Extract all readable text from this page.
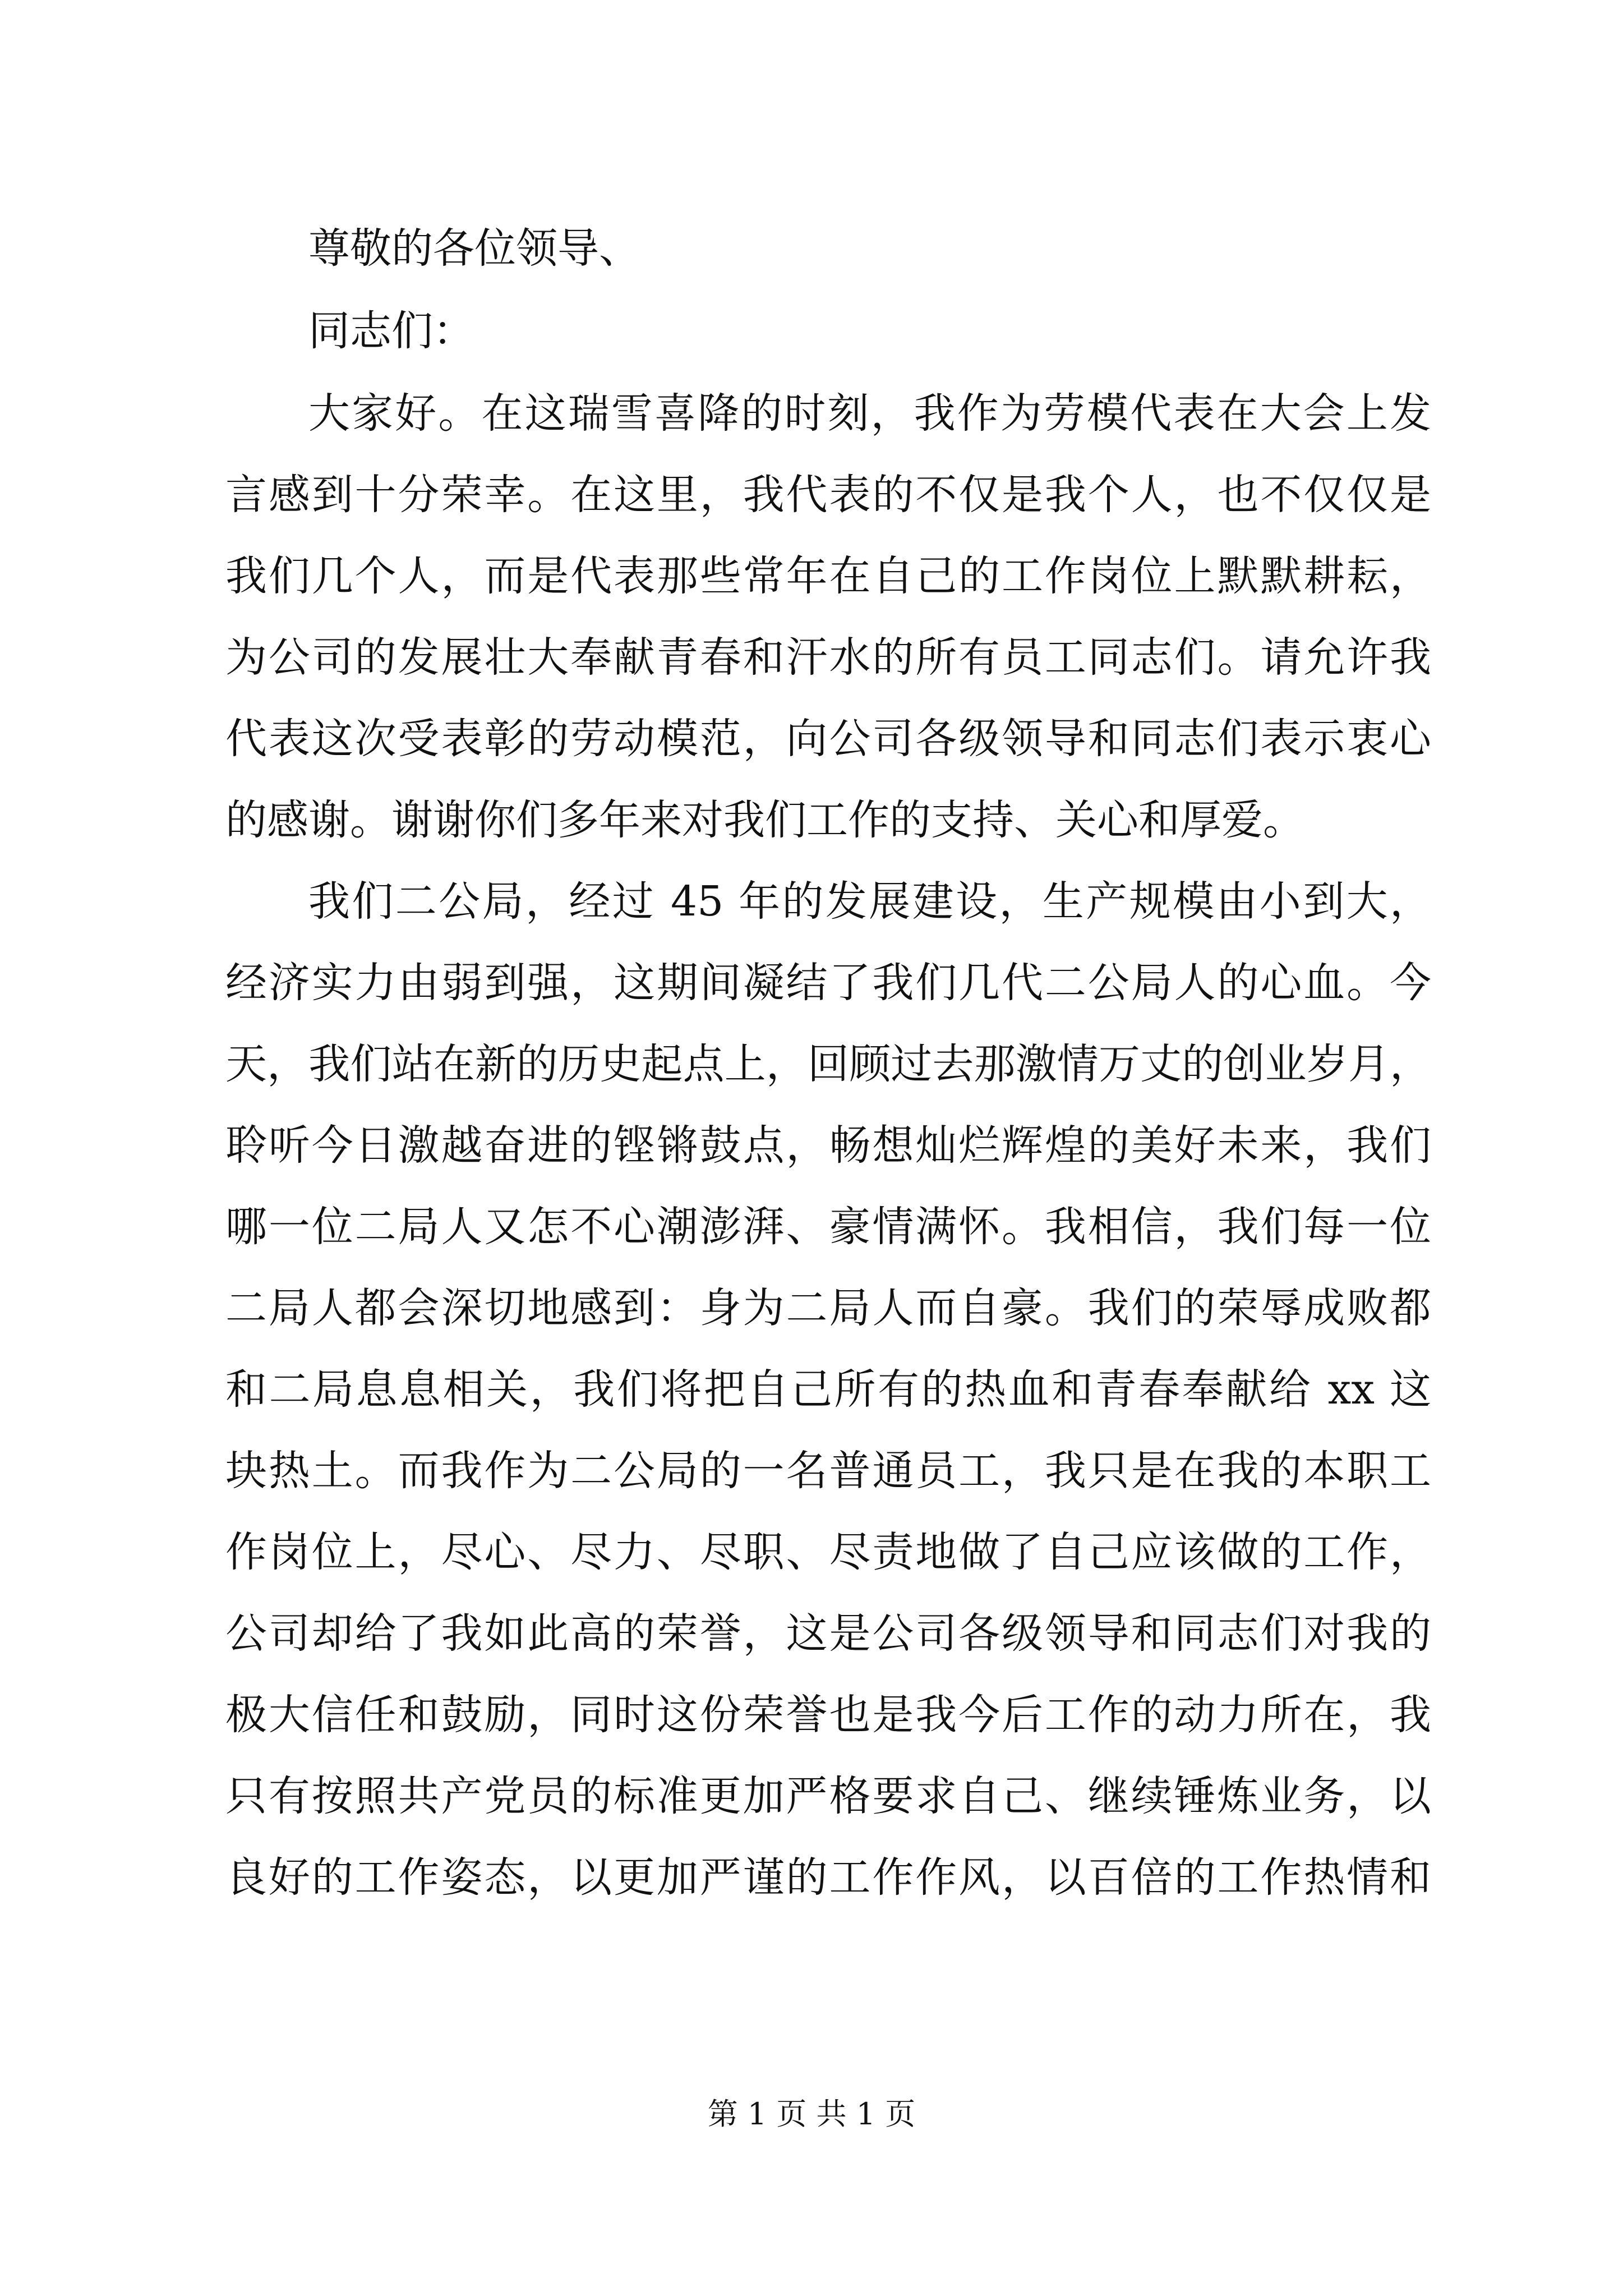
尊敬的各位领导、
同志们：
大家好。在这瑞雪喜降的时刻，我作为劳模代表在大会上发
言感到十分荣幸。在这里，我代表的不仅是我个人，也不仅仅是
我们几个人，而是代表那些常年在自己的工作岗位上默默耕耘，
为公司的发展壮大奉献青春和汗水的所有员工同志们。请允许我
代表这次受表彰的劳动模范，向公司各级领导和同志们表示衷心
的感谢。谢谢你们多年来对我们工作的支持、关心和厚爱。
我们二公局，经过 45 年的发展建设，生产规模由小到大，
经济实力由弱到强，这期间凝结了我们几代二公局人的心血。今
天，我们站在新的历史起点上，回顾过去那激情万丈的创业岁月，
聆听今日激越奋进的铿锵鼓点，畅想灿烂辉煌的美好未来，我们
哪一位二局人又怎不心潮澎湃、豪情满怀。我相信，我们每一位
二局人都会深切地感到：身为二局人而自豪。我们的荣辱成败都
和二局息息相关，我们将把自己所有的热血和青春奉献给 xx 这
块热土。而我作为二公局的一名普通员工，我只是在我的本职工
作岗位上，尽心、尽力、尽职、尽责地做了自己应该做的工作，
公司却给了我如此高的荣誉，这是公司各级领导和同志们对我的
极大信任和鼓励，同时这份荣誉也是我今后工作的动力所在，我
只有按照共产党员的标准更加严格要求自己、继续锤炼业务，以
良好的工作姿态，以更加严谨的工作作风，以百倍的工作热情和
第 1 页 共 1 页
